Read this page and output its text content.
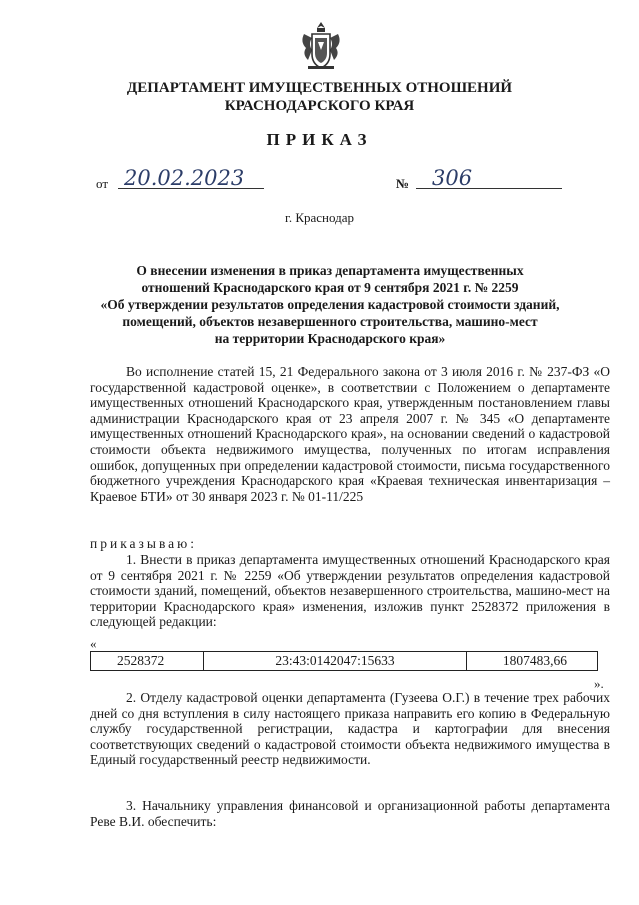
ДЕПАРТАМЕНТ ИМУЩЕСТВЕННЫХ ОТНОШЕНИЙ
КРАСНОДАРСКОГО КРАЯ
ПРИКАЗ
от 20.02.2023	№	306
г. Краснодар
О внесении изменения в приказ департамента имущественных
отношений Краснодарского края от 9 сентября 2021 г. № 2259
«Об утверждении результатов определения кадастровой стоимости зданий,
помещений, объектов незавершенного строительства, машино-мест
на территории Краснодарского края»
Во исполнение статей 15, 21 Федерального закона от 3 июля 2016 г. № 237-ФЗ «О государственной кадастровой оценке», в соответствии с Положением о департаменте имущественных отношений Краснодарского края, утвержденным постановлением главы администрации Краснодарского края от 23 апреля 2007 г. № 345 «О департаменте имущественных отношений Краснодарского края», на основании сведений о кадастровой стоимости объекта недвижимого имущества, полученных по итогам исправления ошибок, допущенных при определении кадастровой стоимости, письма государственного бюджетного учреждения Краснодарского края «Краевая техническая инвентаризация – Краевое БТИ» от 30 января 2023 г. № 01-11/225
приказываю:
1. Внести в приказ департамента имущественных отношений Краснодарского края от 9 сентября 2021 г. № 2259 «Об утверждении результатов определения кадастровой стоимости зданий, помещений, объектов незавершенного строительства, машино-мест на территории Краснодарского края» изменения, изложив пункт 2528372 приложения в следующей редакции:
«
2528372	23:43:0142047:15633	1807483,66
».
2. Отделу кадастровой оценки департамента (Гузеева О.Г.) в течение трех рабочих дней со дня вступления в силу настоящего приказа направить его копию в Федеральную службу государственной регистрации, кадастра и картографии для внесения соответствующих сведений о кадастровой стоимости объекта недвижимого имущества в Единый государственный реестр недвижимости.
3. Начальнику управления финансовой и организационной работы департамента Реве В.И. обеспечить:
